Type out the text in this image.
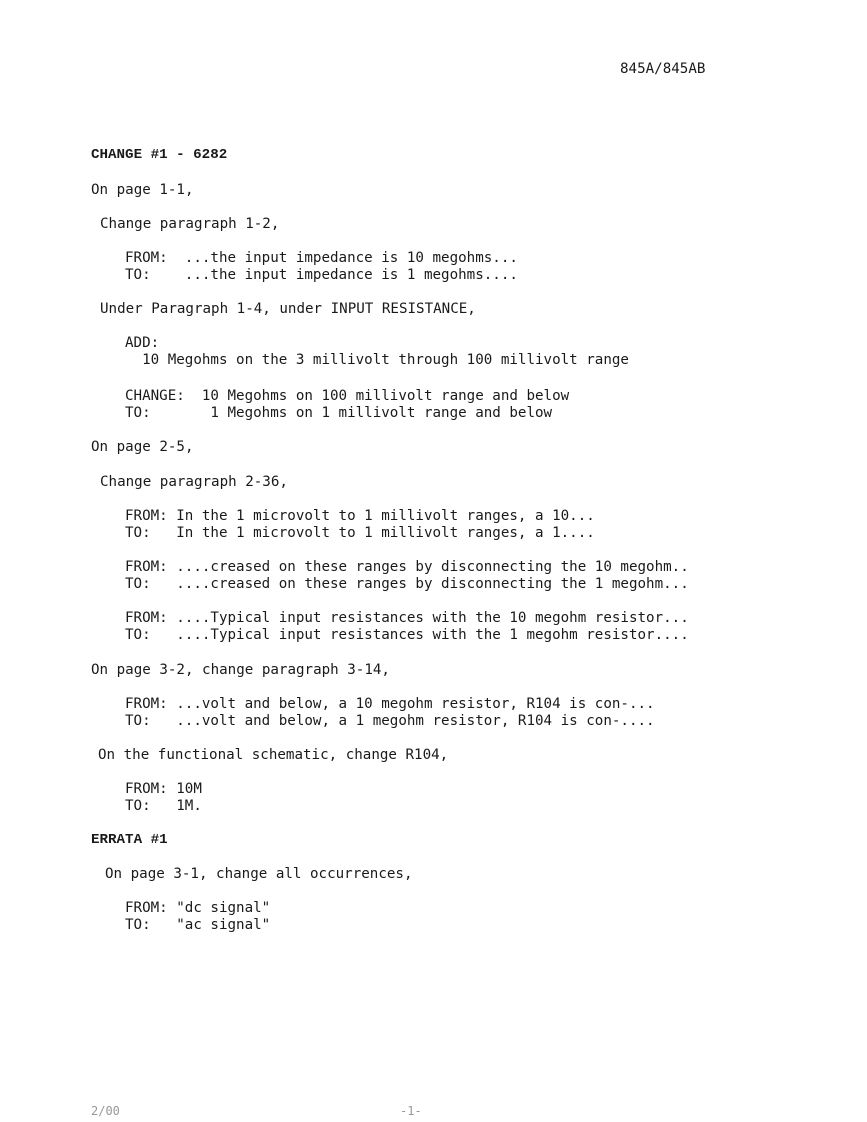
845A/845AB
CHANGE #1 - 6282
On page 1-1,
Change paragraph 1-2,
FROM:  ...the input impedance is 10 megohms...
TO:    ...the input impedance is 1 megohms....
Under Paragraph 1-4, under INPUT RESISTANCE,
ADD:
10 Megohms on the 3 millivolt through 100 millivolt range
CHANGE:  10 Megohms on 100 millivolt range and below
TO:       1 Megohms on 1 millivolt range and below
On page 2-5,
Change paragraph 2-36,
FROM: In the 1 microvolt to 1 millivolt ranges, a 10...
TO:   In the 1 microvolt to 1 millivolt ranges, a 1....
FROM: ....creased on these ranges by disconnecting the 10 megohm..
TO:   ....creased on these ranges by disconnecting the 1 megohm...
FROM: ....Typical input resistances with the 10 megohm resistor...
TO:   ....Typical input resistances with the 1 megohm resistor....
On page 3-2, change paragraph 3-14,
FROM: ...volt and below, a 10 megohm resistor, R104 is con-...
TO:   ...volt and below, a 1 megohm resistor, R104 is con-....
On the functional schematic, change R104,
FROM: 10M
TO:   1M.
ERRATA #1
On page 3-1, change all occurrences,
FROM: "dc signal"
TO:   "ac signal"
2/00	-1-
